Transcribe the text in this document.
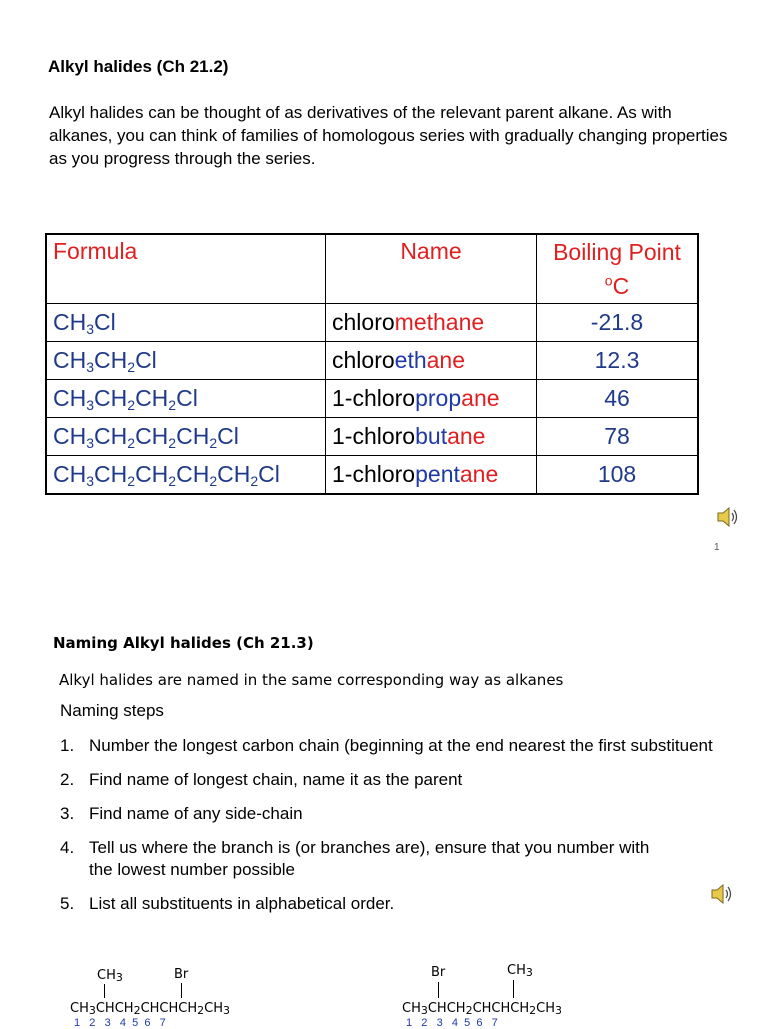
Alkyl halides (Ch 21.2)
Alkyl halides can be thought of as derivatives of the relevant parent alkane. As with alkanes, you can think of families of homologous series with gradually changing properties as you progress through the series.
Formula	Name	Boiling Point
$^o$C
$CH_3Cl$	chloromethane	-21.8
$CH_3CH_2Cl$	chloroethane	12.3
$CH_3CH_2CH_2Cl$	1-chloropropane	46
$CH_3CH_2CH_2CH_2Cl$	1-chlorobutane	78
$CH_3CH_2CH_2CH_2CH_2Cl$	1-chloropentane	108
1
Naming Alkyl halides (Ch 21.3)
Alkyl halides are named in the same corresponding way as alkanes
Naming steps
1. Number the longest carbon chain (beginning at the end nearest the first substituent
2. Find name of longest chain, name it as the parent
3. Find name of any side-chain
4. Tell us where the branch is (or branches are), ensure that you number with the lowest number possible
5. List all substituents in alphabetical order.
$CH_3$	Br
$CH_3CHCH_2CHCHCH_2CH_3$
1   2   3   4  5  6   7
Br	$CH_3$
$CH_3CHCH_2CHCHCH_2CH_3$
1   2   3   4  5  6   7
